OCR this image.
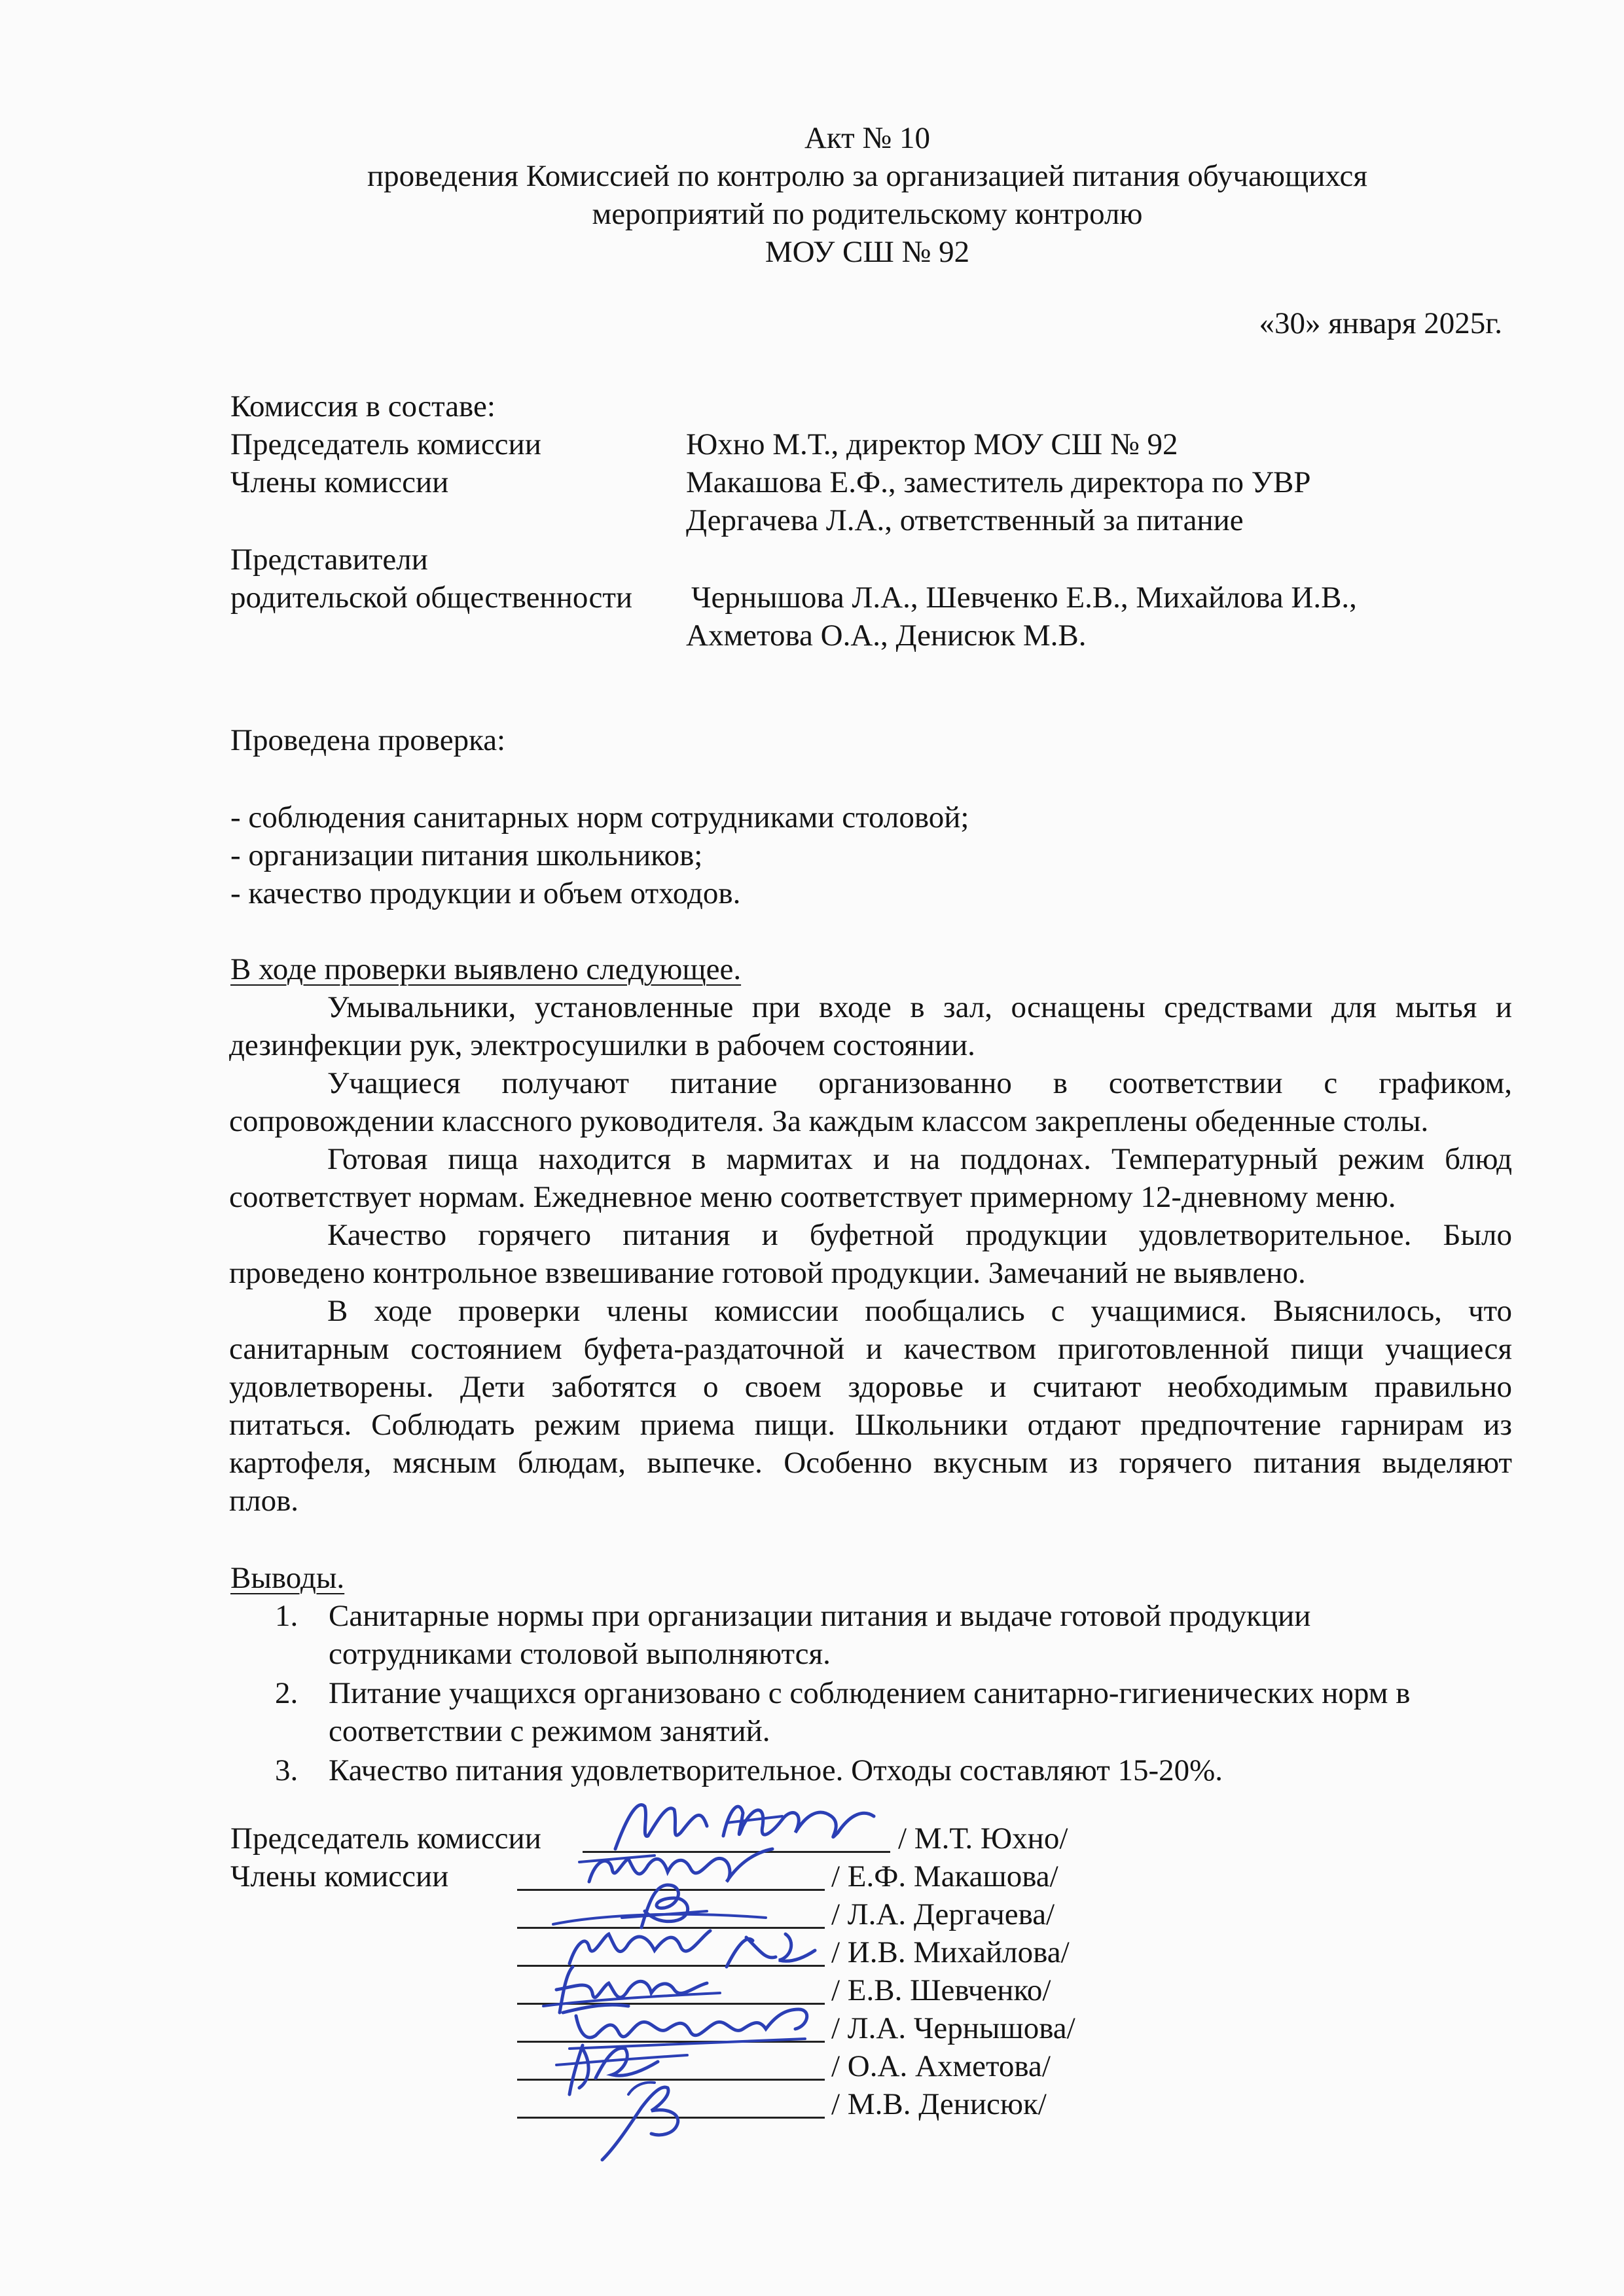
Акт № 10
проведения Комиссией по контролю за организацией питания обучающихся
мероприятий по родительскому контролю
МОУ СШ № 92
«30» января 2025г.
Комиссия в составе:
Председатель комиссии	Юхно М.Т., директор МОУ СШ № 92
Члены комиссии	Макашова Е.Ф., заместитель директора по УВР
Дергачева Л.А., ответственный за питание
Представители
родительской общественности Чернышова Л.А., Шевченко Е.В., Михайлова И.В.,
Ахметова О.А., Денисюк М.В.
Проведена проверка:
- соблюдения санитарных норм сотрудниками столовой;
- организации питания школьников;
- качество продукции и объем отходов.
В ходе проверки выявлено следующее.
Умывальники, установленные при входе в зал, оснащены средствами для мытья и
дезинфекции рук, электросушилки в рабочем состоянии.
Учащиеся получают питание организованно в соответствии с графиком,
сопровождении классного руководителя. За каждым классом закреплены обеденные столы.
Готовая пища находится в мармитах и на поддонах. Температурный режим блюд
соответствует нормам. Ежедневное меню соответствует примерному 12-дневному меню.
Качество горячего питания и буфетной продукции удовлетворительное. Было
проведено контрольное взвешивание готовой продукции. Замечаний не выявлено.
В ходе проверки члены комиссии пообщались с учащимися. Выяснилось, что
санитарным состоянием буфета-раздаточной и качеством приготовленной пищи учащиеся
удовлетворены. Дети заботятся о своем здоровье и считают необходимым правильно
питаться. Соблюдать режим приема пищи. Школьники отдают предпочтение гарнирам из
картофеля, мясным блюдам, выпечке. Особенно вкусным из горячего питания выделяют
плов.
Выводы.
1. Санитарные нормы при организации питания и выдаче готовой продукции
сотрудниками столовой выполняются.
2. Питание учащихся организовано с соблюдением санитарно-гигиенических норм в
соответствии с режимом занятий.
3. Качество питания удовлетворительное. Отходы составляют 15-20%.
Председатель комиссии
Члены комиссии
/ М.Т. Юхно/
/ Е.Ф. Макашова/
/ Л.А. Дергачева/
/ И.В. Михайлова/
/ Е.В. Шевченко/
/ Л.А. Чернышова/
/ О.А. Ахметова/
/ М.В. Денисюк/
